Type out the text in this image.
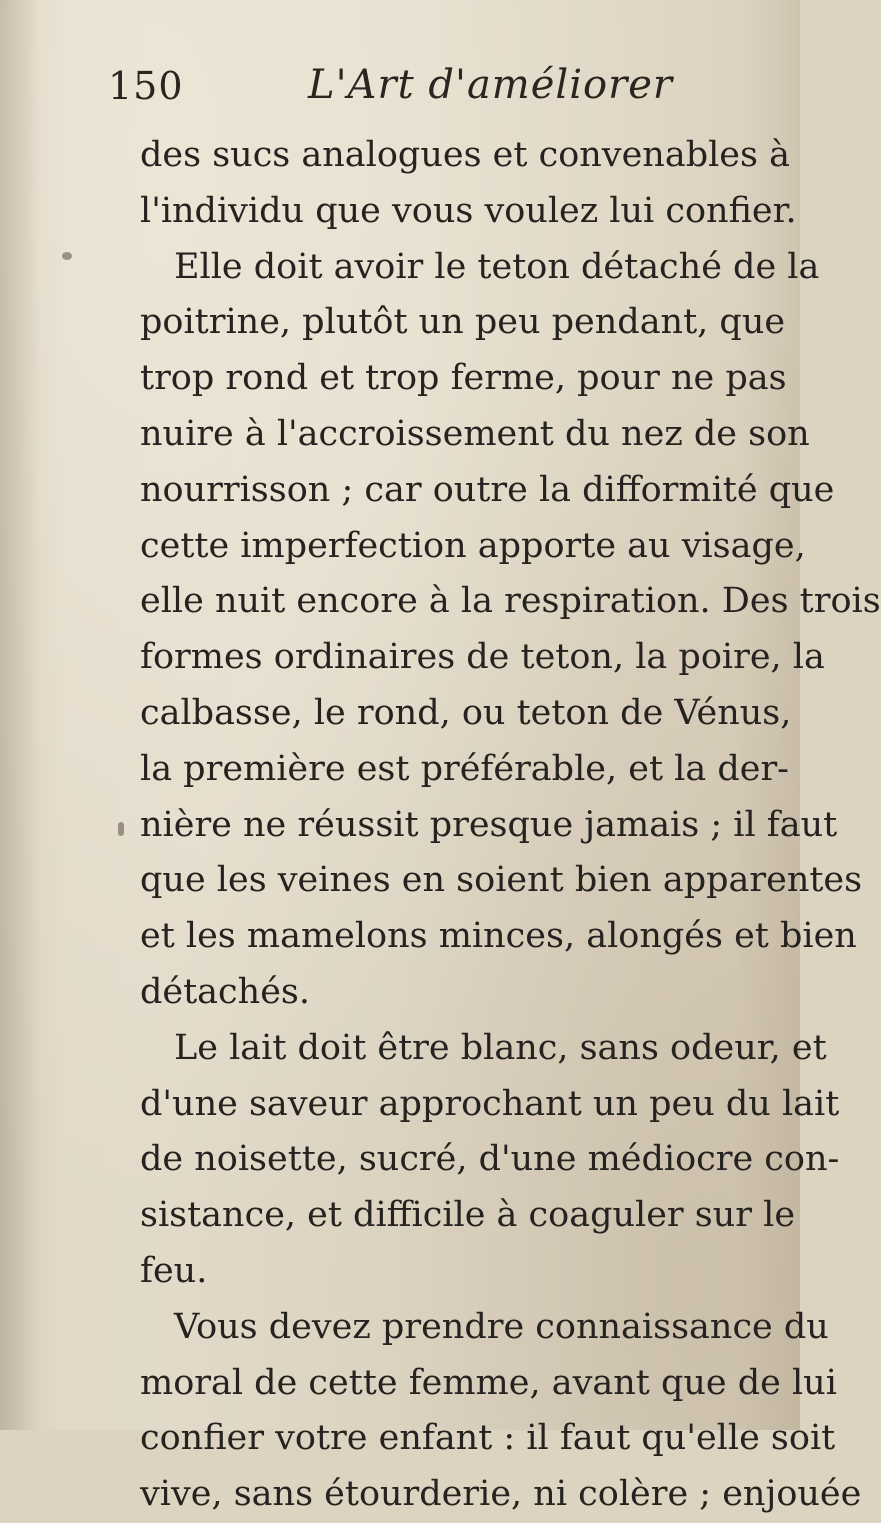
150	L'Art d'améliorer
des sucs analogues et convenables à
l'individu que vous voulez lui confier.
Elle doit avoir le teton détaché de la
poitrine, plutôt un peu pendant, que
trop rond et trop ferme, pour ne pas
nuire à l'accroissement du nez de son
nourrisson ; car outre la difformité que
cette imperfection apporte au visage,
elle nuit encore à la respiration. Des trois
formes ordinaires de teton, la poire, la
calbasse, le rond, ou teton de Vénus,
la première est préférable, et la der-
nière ne réussit presque jamais ; il faut
que les veines en soient bien apparentes
et les mamelons minces, alongés et bien
détachés.
Le lait doit être blanc, sans odeur, et
d'une saveur approchant un peu du lait
de noisette, sucré, d'une médiocre con-
sistance, et difficile à coaguler sur le
feu.
Vous devez prendre connaissance du
moral de cette femme, avant que de lui
confier votre enfant : il faut qu'elle soit
vive, sans étourderie, ni colère ; enjouée
